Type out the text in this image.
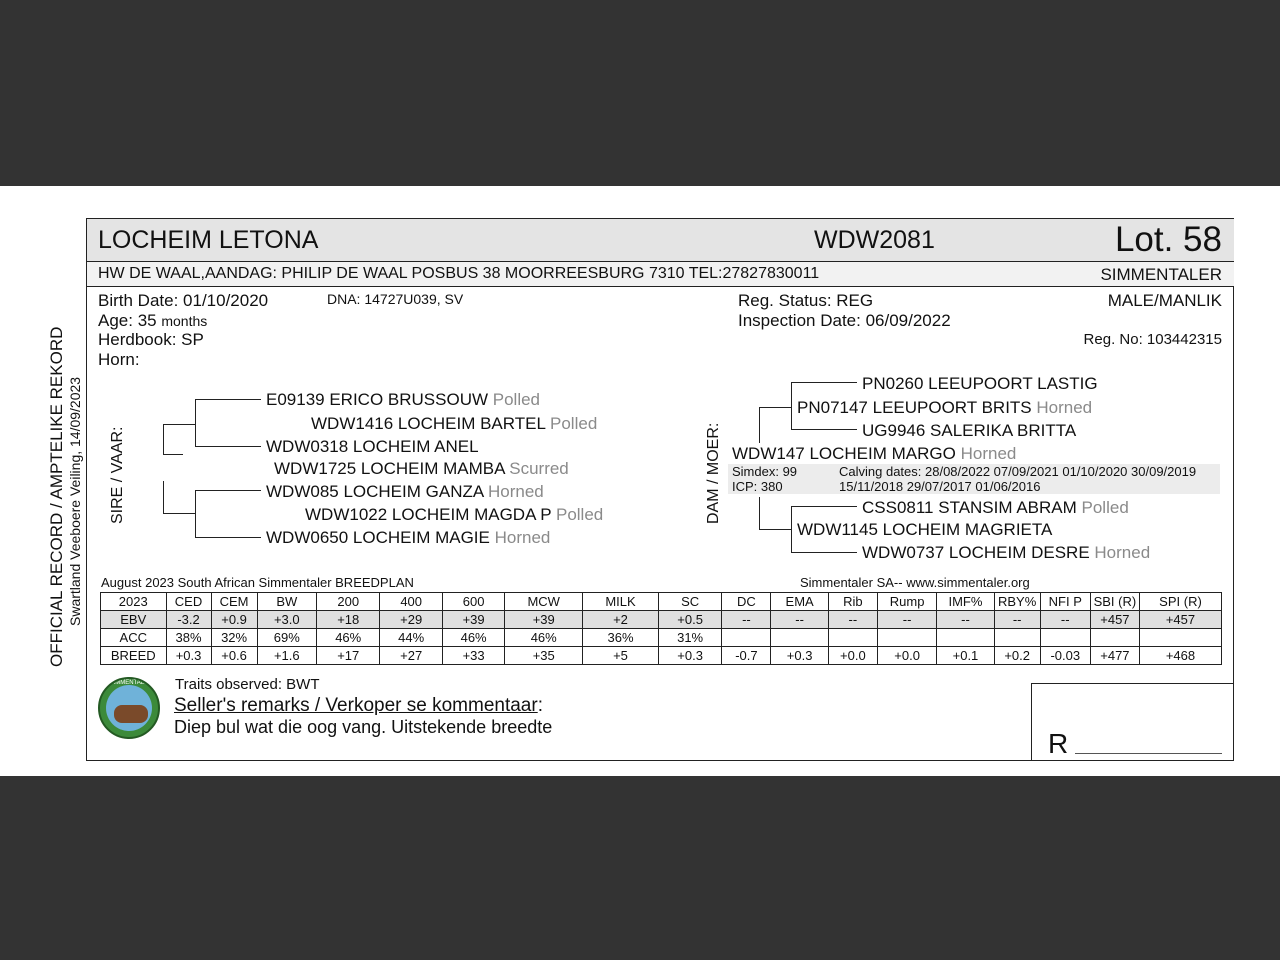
LOCHEIM LETONA	WDW2081	Lot. 58
HW DE WAAL,AANDAG: PHILIP DE WAAL POSBUS 38 MOORREESBURG 7310 TEL:27827830011	SIMMENTALER
Birth Date: 01/10/2020	DNA: 14727U039, SV
Age: 35 months
Herdbook: SP
Horn:
Reg. Status: REG
Inspection Date: 06/09/2022
MALE/MANLIK
Reg. No: 103442315
OFFICIAL RECORD / AMPTELIKE REKORD Swartland Veeboere Veiling, 14/09/2023 SIRE / VAAR:
E09139 ERICO BRUSSOUW Polled
WDW1416 LOCHEIM BARTEL Polled
WDW0318 LOCHEIM ANEL
WDW1725 LOCHEIM MAMBA Scurred
WDW085 LOCHEIM GANZA Horned
WDW1022 LOCHEIM MAGDA P Polled
WDW0650 LOCHEIM MAGIE Horned
DAM / MOER:
PN0260 LEEUPOORT LASTIG
PN07147 LEEUPOORT BRITS Horned
UG9946 SALERIKA BRITTA
WDW147 LOCHEIM MARGO Horned
Simdex: 99
ICP: 380
Calving dates: 28/08/2022 07/09/2021 01/10/2020 30/09/2019
15/11/2018 29/07/2017 01/06/2016
CSS0811 STANSIM ABRAM Polled
WDW1145 LOCHEIM MAGRIETA
WDW0737 LOCHEIM DESRE Horned
August 2023 South African Simmentaler BREEDPLAN	Simmentaler SA-- www.simmentaler.org
2023	CED	CEM	BW	200	400	600	MCW	MILK	SC	DC	EMA	Rib	Rump	IMF%	RBY%	NFI P	SBI (R)	SPI (R)
EBV	-3.2	+0.9	+3.0	+18	+29	+39	+39	+2	+0.5	--	--	--	--	--	--	--	+457	+457
ACC	38%	32%	69%	46%	44%	46%	46%	36%	31%									
BREED	+0.3	+0.6	+1.6	+17	+27	+33	+35	+5	+0.3	-0.7	+0.3	+0.0	+0.0	+0.1	+0.2	-0.03	+477	+468
SIMMENTALER Traits observed: BWT
Seller's remarks / Verkoper se kommentaar:
Diep bul wat die oog vang. Uitstekende breedte
R
